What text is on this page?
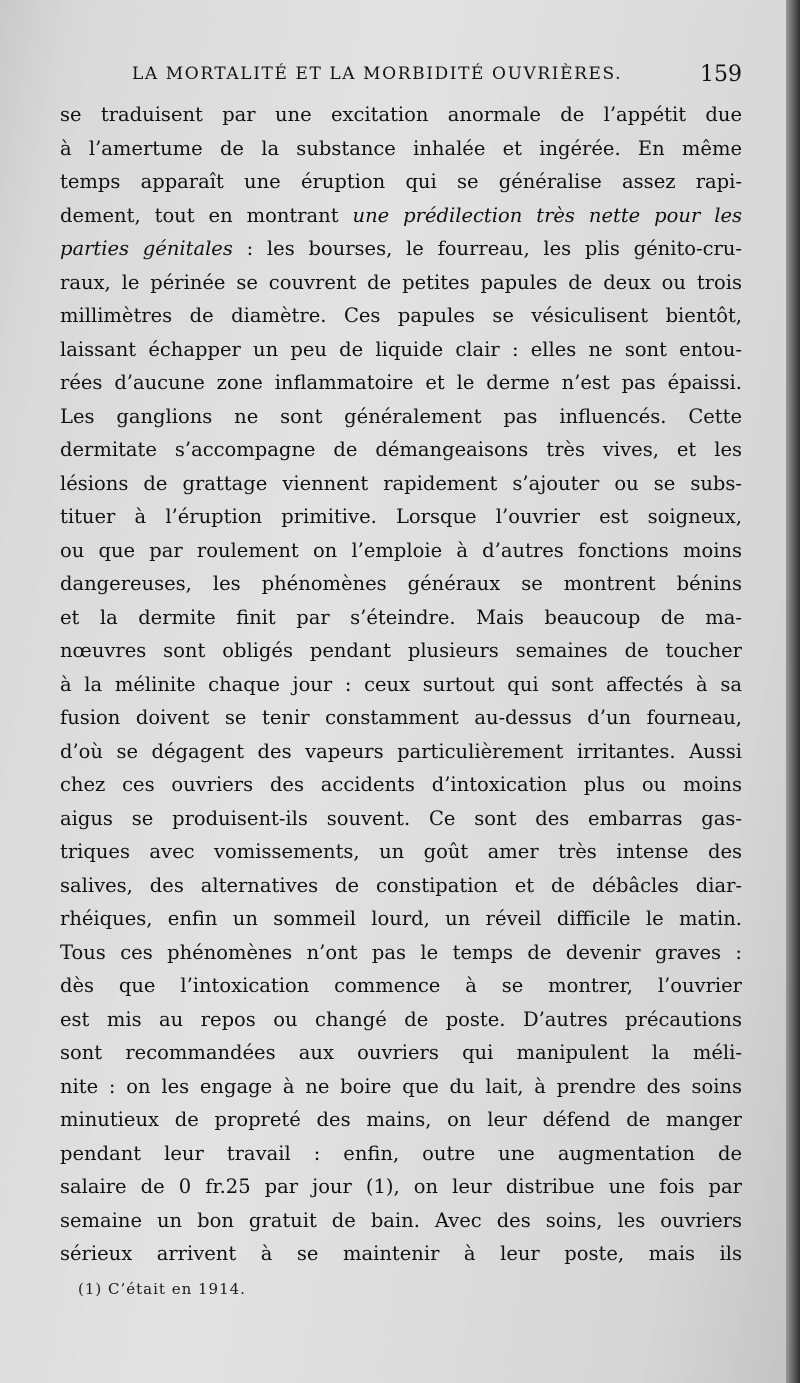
LA MORTALITÉ ET LA MORBIDITÉ OUVRIÈRES.	159
se traduisent par une excitation anormale de l’appétit due
à l’amertume de la substance inhalée et ingérée. En même
temps apparaît une éruption qui se généralise assez rapi-
dement, tout en montrant une prédilection très nette pour les
parties génitales : les bourses, le fourreau, les plis génito-cru-
raux, le périnée se couvrent de petites papules de deux ou trois
millimètres de diamètre. Ces papules se vésiculisent bientôt,
laissant échapper un peu de liquide clair : elles ne sont entou-
rées d’aucune zone inflammatoire et le derme n’est pas épaissi.
Les ganglions ne sont généralement pas influencés. Cette
dermitate s’accompagne de démangeaisons très vives, et les
lésions de grattage viennent rapidement s’ajouter ou se subs-
tituer à l’éruption primitive. Lorsque l’ouvrier est soigneux,
ou que par roulement on l’emploie à d’autres fonctions moins
dangereuses, les phénomènes généraux se montrent bénins
et la dermite finit par s’éteindre. Mais beaucoup de ma-
nœuvres sont obligés pendant plusieurs semaines de toucher
à la mélinite chaque jour : ceux surtout qui sont affectés à sa
fusion doivent se tenir constamment au-dessus d’un fourneau,
d’où se dégagent des vapeurs particulièrement irritantes. Aussi
chez ces ouvriers des accidents d’intoxication plus ou moins
aigus se produisent-ils souvent. Ce sont des embarras gas-
triques avec vomissements, un goût amer très intense des
salives, des alternatives de constipation et de débâcles diar-
rhéiques, enfin un sommeil lourd, un réveil difficile le matin.
Tous ces phénomènes n’ont pas le temps de devenir graves :
dès que l’intoxication commence à se montrer, l’ouvrier
est mis au repos ou changé de poste. D’autres précautions
sont recommandées aux ouvriers qui manipulent la méli-
nite : on les engage à ne boire que du lait, à prendre des soins
minutieux de propreté des mains, on leur défend de manger
pendant leur travail : enfin, outre une augmentation de
salaire de 0 fr.25 par jour (1), on leur distribue une fois par
semaine un bon gratuit de bain. Avec des soins, les ouvriers
sérieux arrivent à se maintenir à leur poste, mais ils
(1) C’était en 1914.
